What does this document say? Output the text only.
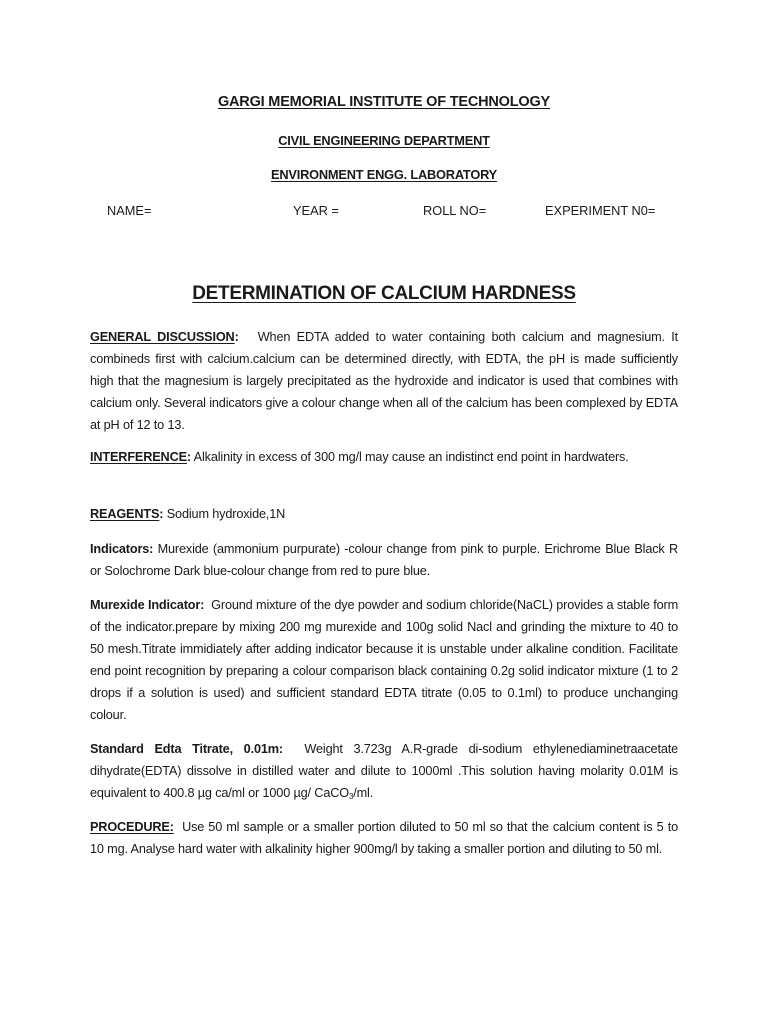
GARGI MEMORIAL INSTITUTE OF TECHNOLOGY
CIVIL ENGINEERING DEPARTMENT
ENVIRONMENT ENGG. LABORATORY
NAME=	YEAR =	ROLL NO=	EXPERIMENT N0=
DETERMINATION OF CALCIUM HARDNESS
GENERAL DISCUSSION: When EDTA added to water containing both calcium and magnesium. It combineds first with calcium.calcium can be determined directly, with EDTA, the pH is made sufficiently high that the magnesium is largely precipitated as the hydroxide and indicator is used that combines with calcium only. Several indicators give a colour change when all of the calcium has been complexed by EDTA at pH of 12 to 13.
INTERFERENCE: Alkalinity in excess of 300 mg/l may cause an indistinct end point in hardwaters.
REAGENTS: Sodium hydroxide,1N
Indicators: Murexide (ammonium purpurate) -colour change from pink to purple. Erichrome Blue Black R or Solochrome Dark blue-colour change from red to pure blue.
Murexide Indicator: Ground mixture of the dye powder and sodium chloride(NaCL) provides a stable form of the indicator.prepare by mixing 200 mg murexide and 100g solid Nacl and grinding the mixture to 40 to 50 mesh.Titrate immidiately after adding indicator because it is unstable under alkaline condition. Facilitate end point recognition by preparing a colour comparison black containing 0.2g solid indicator mixture (1 to 2 drops if a solution is used) and sufficient standard EDTA titrate (0.05 to 0.1ml) to produce unchanging colour.
Standard Edta Titrate, 0.01m: Weight 3.723g A.R-grade di-sodium ethylenediaminetraacetate dihydrate(EDTA) dissolve in distilled water and dilute to 1000ml .This solution having molarity 0.01M is equivalent to 400.8 µg ca/ml or 1000 µg/ CaCO$_3$/ml.
PROCEDURE: Use 50 ml sample or a smaller portion diluted to 50 ml so that the calcium content is 5 to 10 mg. Analyse hard water with alkalinity higher 900mg/l by taking a smaller portion and diluting to 50 ml.
